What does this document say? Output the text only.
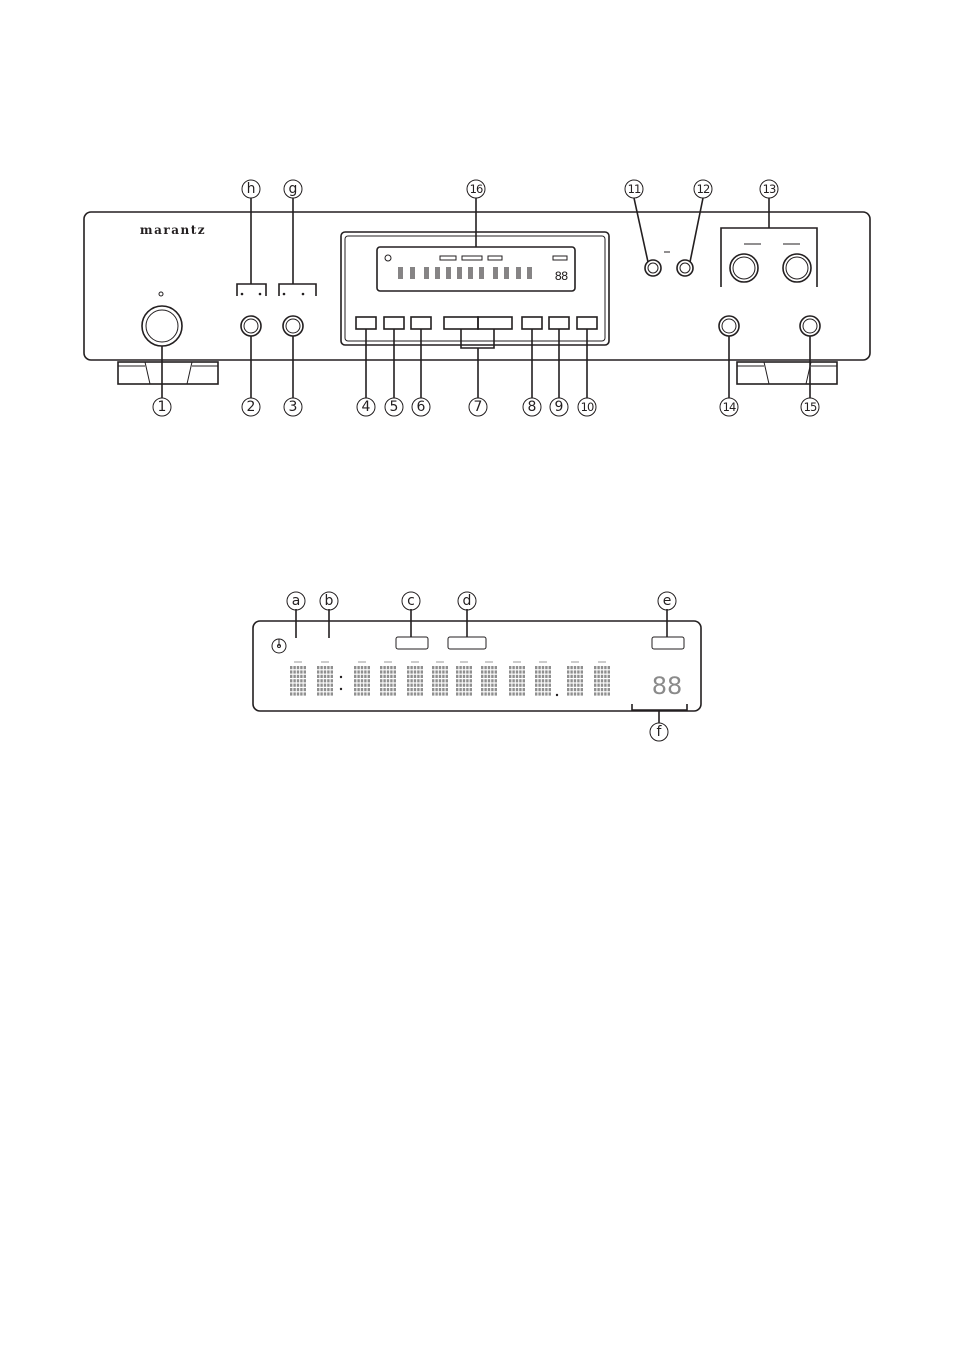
marantz
88
h g	16	11	12	13
1	2 3	4 5 6	7	8 9 10	14	15
88
a b	c	d	e
f
